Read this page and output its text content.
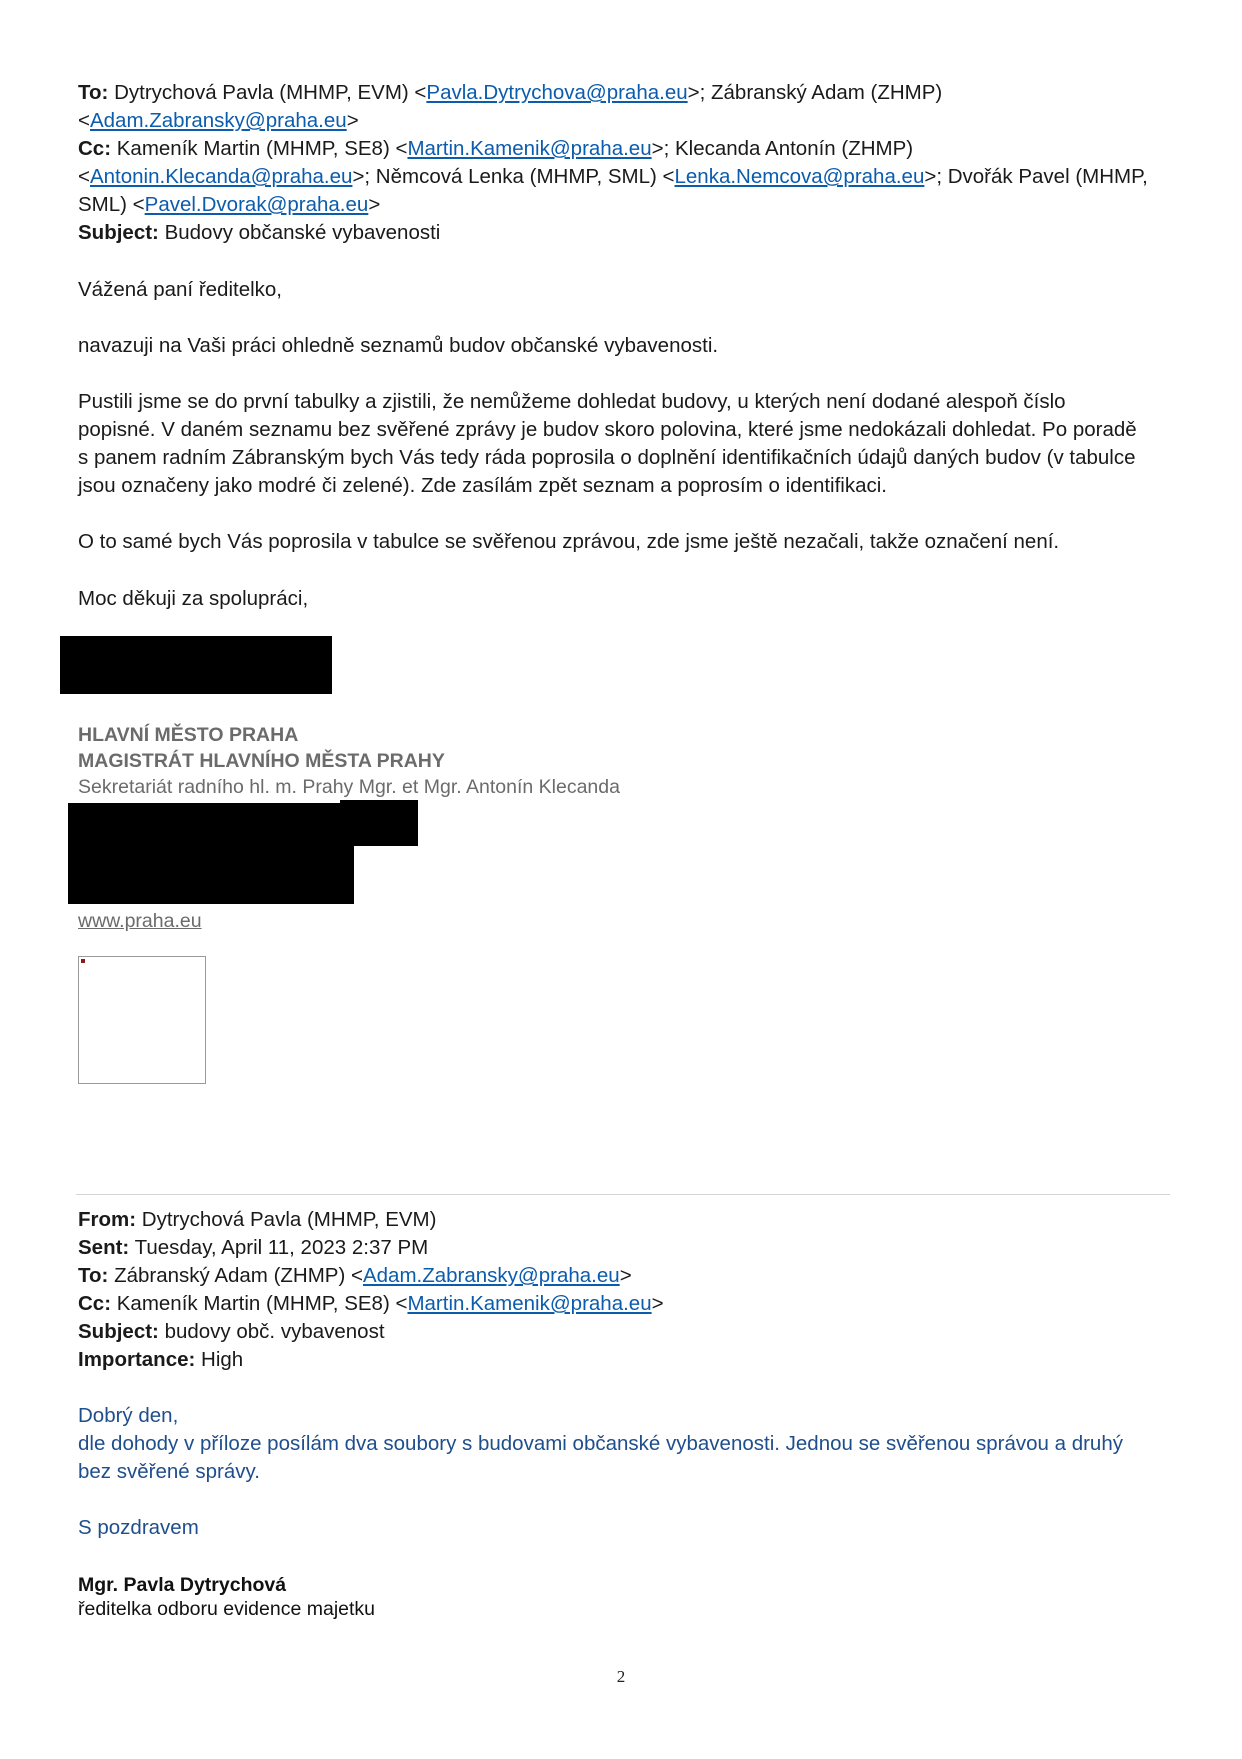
To: Dytrychová Pavla (MHMP, EVM) <Pavla.Dytrychova@praha.eu>; Zábranský Adam (ZHMP)
<Adam.Zabransky@praha.eu>
Cc: Kameník Martin (MHMP, SE8) <Martin.Kamenik@praha.eu>; Klecanda Antonín (ZHMP)
<Antonin.Klecanda@praha.eu>; Němcová Lenka (MHMP, SML) <Lenka.Nemcova@praha.eu>; Dvořák Pavel (MHMP,
SML) <Pavel.Dvorak@praha.eu>
Subject: Budovy občanské vybavenosti
Vážená paní ředitelko,
navazuji na Vaši práci ohledně seznamů budov občanské vybavenosti.
Pustili jsme se do první tabulky a zjistili, že nemůžeme dohledat budovy, u kterých není dodané alespoň číslo
popisné. V daném seznamu bez svěřené zprávy je budov skoro polovina, které jsme nedokázali dohledat. Po poradě
s panem radním Zábranským bych Vás tedy ráda poprosila o doplnění identifikačních údajů daných budov (v tabulce
jsou označeny jako modré či zelené). Zde zasílám zpět seznam a poprosím o identifikaci.
O to samé bych Vás poprosila v tabulce se svěřenou zprávou, zde jsme ještě nezačali, takže označení není.
Moc děkuji za spolupráci,
HLAVNÍ MĚSTO PRAHA
MAGISTRÁT HLAVNÍHO MĚSTA PRAHY
Sekretariát radního hl. m. Prahy Mgr. et Mgr. Antonín Klecanda
www.praha.eu
From: Dytrychová Pavla (MHMP, EVM)
Sent: Tuesday, April 11, 2023 2:37 PM
To: Zábranský Adam (ZHMP) <Adam.Zabransky@praha.eu>
Cc: Kameník Martin (MHMP, SE8) <Martin.Kamenik@praha.eu>
Subject: budovy obč. vybavenost
Importance: High
Dobrý den,
dle dohody v příloze posílám dva soubory s budovami občanské vybavenosti. Jednou se svěřenou správou a druhý
bez svěřené správy.
S pozdravem
Mgr. Pavla Dytrychová
ředitelka odboru evidence majetku
2
